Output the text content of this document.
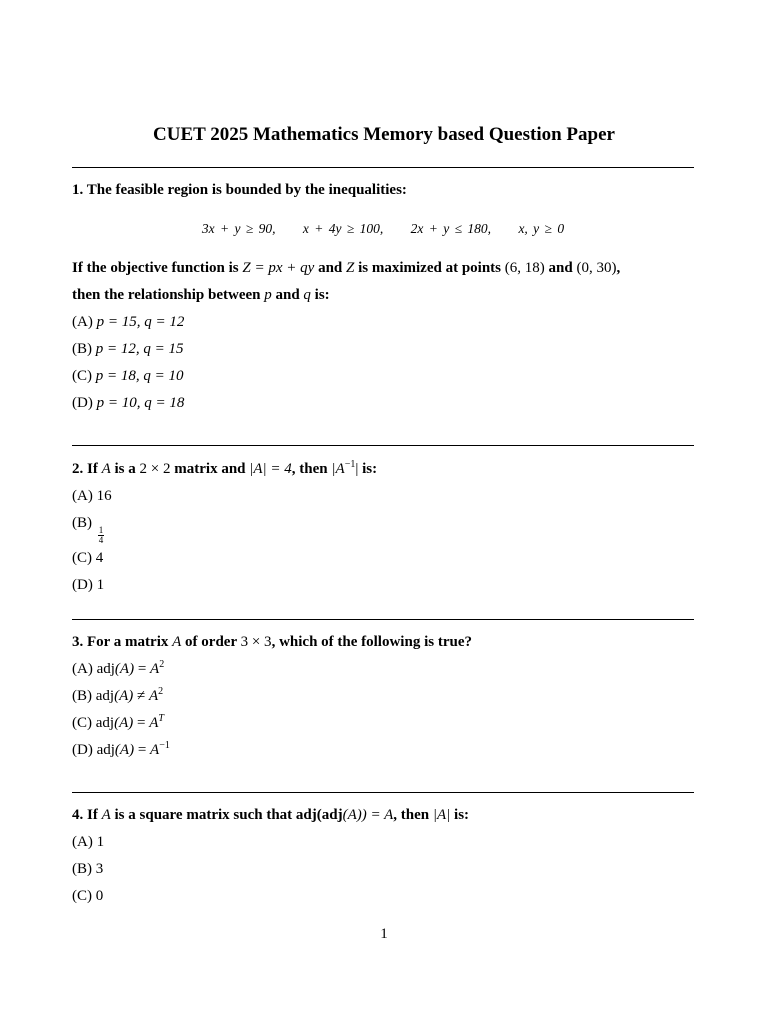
CUET 2025 Mathematics Memory based Question Paper
1. The feasible region is bounded by the inequalities:
3x + y ≥ 90, x + 4y ≥ 100, 2x + y ≤ 180, x, y ≥ 0
If the objective function is Z = px + qy and Z is maximized at points (6, 18) and (0, 30),
then the relationship between p and q is:
(A) p = 15, q = 12
(B) p = 12, q = 15
(C) p = 18, q = 10
(D) p = 10, q = 18
2. If A is a 2 × 2 matrix and |A| = 4, then $|A^{-1}|$ is:
(A) 16
(B)
$\frac{1}{4}$
(C) 4
(D) 1
3. For a matrix A of order 3 × 3, which of the following is true?
(A) $adj(A) = A^2$
(B) $adj(A) \ne A^2$
(C) $adj(A) = A^T$
(D) $adj(A) = A^{-1}$
4. If A is a square matrix such that adj(adj(A)) = A, then |A| is:
(A) 1
(B) 3
(C) 0
1
